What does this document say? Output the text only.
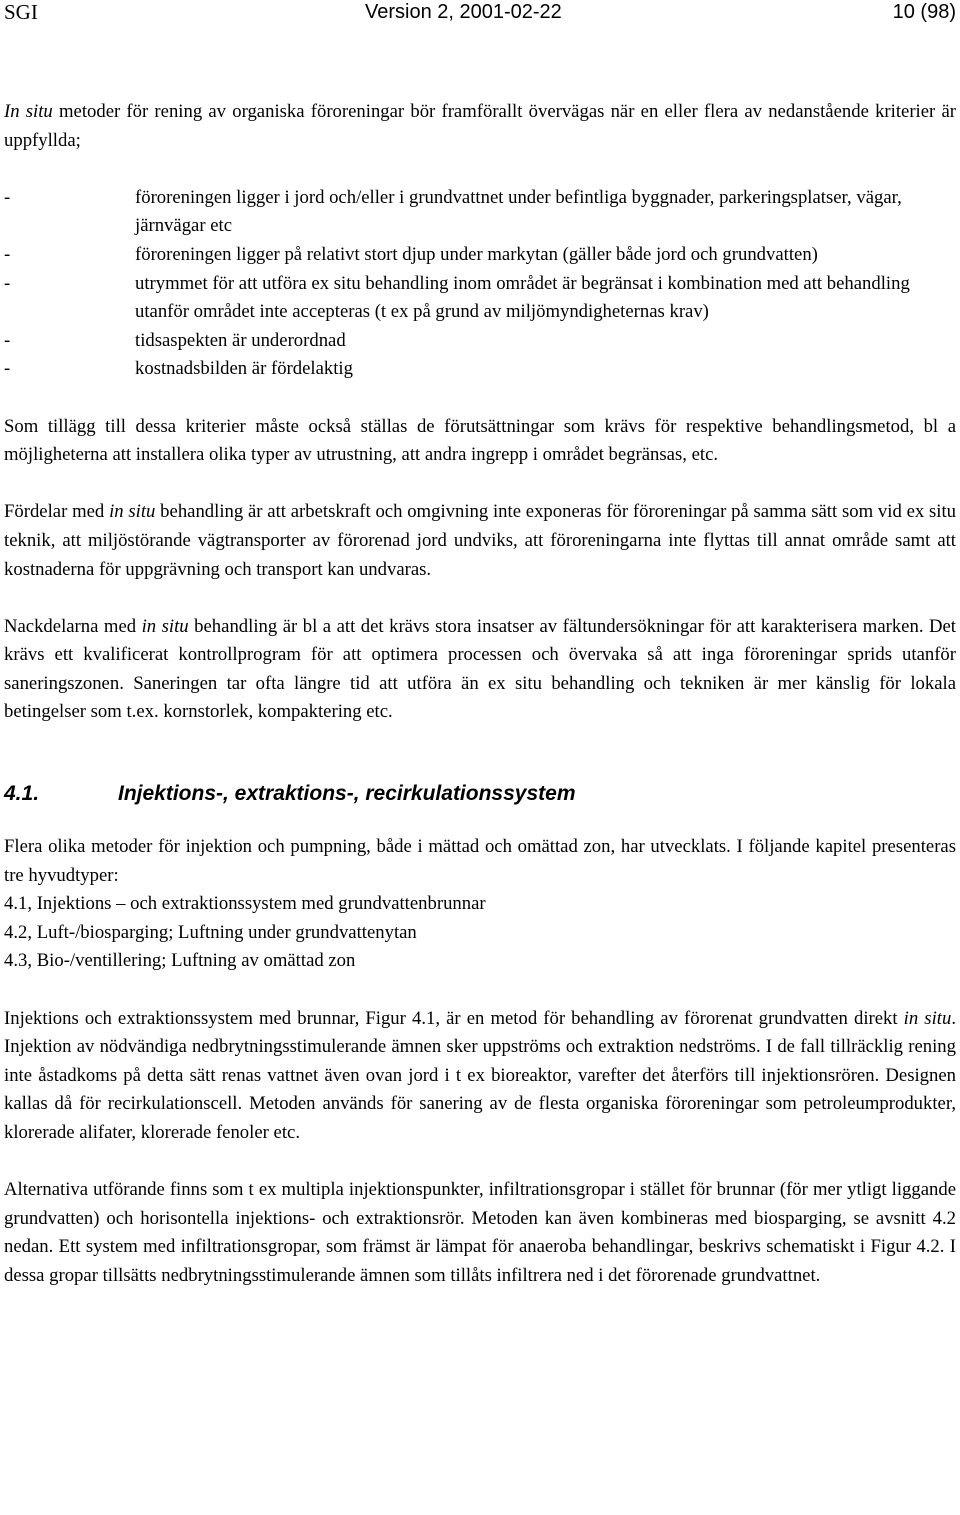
SGI	Version 2, 2001-02-22	10 (98)

In situ metoder för rening av organiska föroreningar bör framförallt övervägas när en eller flera av nedanstående kriterier är uppfyllda;

-	föroreningen ligger i jord och/eller i grundvattnet under befintliga byggnader, parkeringsplatser, vägar, järnvägar etc
-	föroreningen ligger på relativt stort djup under markytan (gäller både jord och grundvatten)
-	utrymmet för att utföra ex situ behandling inom området är begränsat i kombination med att behandling utanför området inte accepteras (t ex på grund av miljömyndigheternas krav)
-	tidsaspekten är underordnad
-	kostnadsbilden är fördelaktig

Som tillägg till dessa kriterier måste också ställas de förutsättningar som krävs för respektive behandlingsmetod, bl a möjligheterna att installera olika typer av utrustning, att andra ingrepp i området begränsas, etc.

Fördelar med in situ behandling är att arbetskraft och omgivning inte exponeras för föroreningar på samma sätt som vid ex situ teknik, att miljöstörande vägtransporter av förorenad jord undviks, att föroreningarna inte flyttas till annat område samt att kostnaderna för uppgrävning och transport kan undvaras.

Nackdelarna med in situ behandling är bl a att det krävs stora insatser av fältundersökningar för att karakterisera marken. Det krävs ett kvalificerat kontrollprogram för att optimera processen och övervaka så att inga föroreningar sprids utanför saneringszonen. Saneringen tar ofta längre tid att utföra än ex situ behandling och tekniken är mer känslig för lokala betingelser som t.ex. kornstorlek, kompaktering etc.

4.1.	Injektions-, extraktions-, recirkulationssystem

Flera olika metoder för injektion och pumpning, både i mättad och omättad zon, har utvecklats. I följande kapitel presenteras tre hyvudtyper:

4.1, Injektions – och extraktionssystem med grundvattenbrunnar

4.2, Luft-/biosparging; Luftning under grundvattenytan

4.3, Bio-/ventillering; Luftning av omättad zon

Injektions och extraktionssystem med brunnar, Figur 4.1, är en metod för behandling av förorenat grundvatten direkt in situ. Injektion av nödvändiga nedbrytningsstimulerande ämnen sker uppströms och extraktion nedströms. I de fall tillräcklig rening inte åstadkoms på detta sätt renas vattnet även ovan jord i t ex bioreaktor, varefter det återförs till injektionsrören. Designen kallas då för recirkulationscell. Metoden används för sanering av de flesta organiska föroreningar som petroleumprodukter, klorerade alifater, klorerade fenoler etc.

Alternativa utförande finns som t ex multipla injektionspunkter, infiltrationsgropar i stället för brunnar (för mer ytligt liggande grundvatten) och horisontella injektions- och extraktionsrör. Metoden kan även kombineras med biosparging, se avsnitt 4.2 nedan. Ett system med infiltrationsgropar, som främst är lämpat för anaeroba behandlingar, beskrivs schematiskt i Figur 4.2. I dessa gropar tillsätts nedbrytningsstimulerande ämnen som tillåts infiltrera ned i det förorenade grundvattnet.
